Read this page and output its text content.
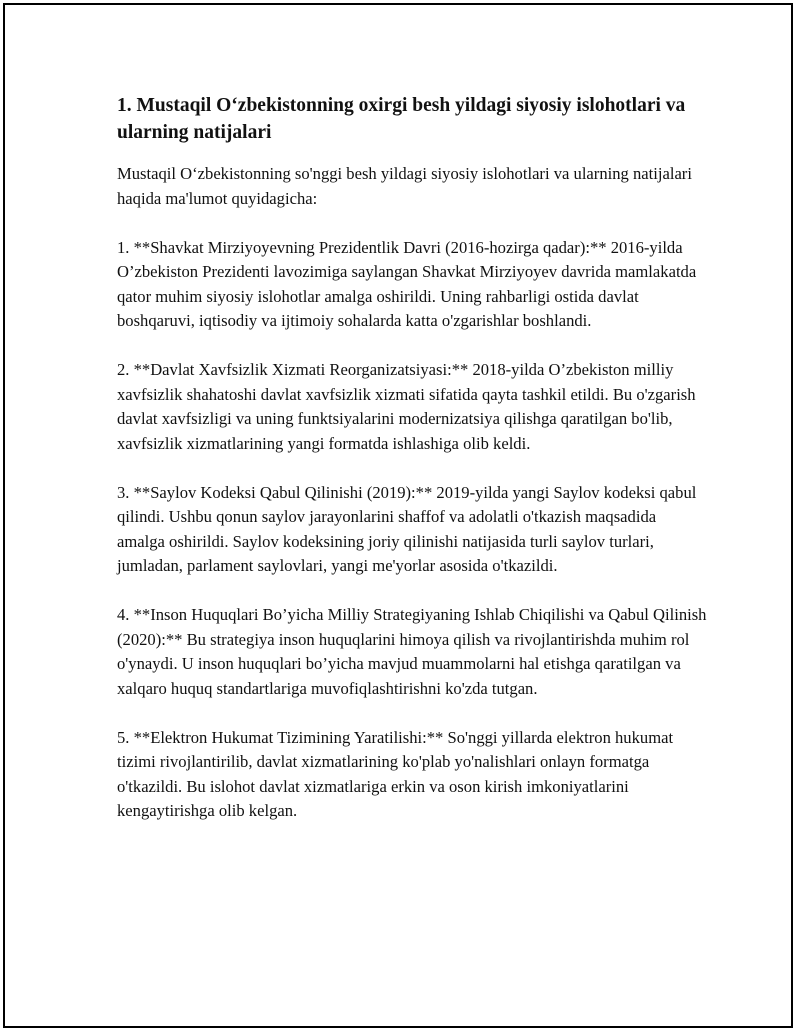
1. Mustaqil O‘zbekistonning oxirgi besh yildagi siyosiy islohotlari va ularning natijalari

Mustaqil O‘zbekistonning so'nggi besh yildagi siyosiy islohotlari va ularning natijalari haqida ma'lumot quyidagicha:

1. **Shavkat Mirziyoyevning Prezidentlik Davri (2016-hozirga qadar):** 2016-yilda O’zbekiston Prezidenti lavozimiga saylangan Shavkat Mirziyoyev davrida mamlakatda qator muhim siyosiy islohotlar amalga oshirildi. Uning rahbarligi ostida davlat boshqaruvi, iqtisodiy va ijtimoiy sohalarda katta o'zgarishlar boshlandi.

2. **Davlat Xavfsizlik Xizmati Reorganizatsiyasi:** 2018-yilda O’zbekiston milliy xavfsizlik shahatoshi davlat xavfsizlik xizmati sifatida qayta tashkil etildi. Bu o'zgarish davlat xavfsizligi va uning funktsiyalarini modernizatsiya qilishga qaratilgan bo'lib, xavfsizlik xizmatlarining yangi formatda ishlashiga olib keldi.

3. **Saylov Kodeksi Qabul Qilinishi (2019):** 2019-yilda yangi Saylov kodeksi qabul qilindi. Ushbu qonun saylov jarayonlarini shaffof va adolatli o'tkazish maqsadida amalga oshirildi. Saylov kodeksining joriy qilinishi natijasida turli saylov turlari, jumladan, parlament saylovlari, yangi me'yorlar asosida o'tkazildi.

4. **Inson Huquqlari Bo’yicha Milliy Strategiyaning Ishlab Chiqilishi va Qabul Qilinish (2020):** Bu strategiya inson huquqlarini himoya qilish va rivojlantirishda muhim rol o'ynaydi. U inson huquqlari bo’yicha mavjud muammolarni hal etishga qaratilgan va xalqaro huquq standartlariga muvofiqlashtirishni ko'zda tutgan.

5. **Elektron Hukumat Tizimining Yaratilishi:** So'nggi yillarda elektron hukumat tizimi rivojlantirilib, davlat xizmatlarining ko'plab yo'nalishlari onlayn formatga o'tkazildi. Bu islohot davlat xizmatlariga erkin va oson kirish imkoniyatlarini kengaytirishga olib kelgan.
